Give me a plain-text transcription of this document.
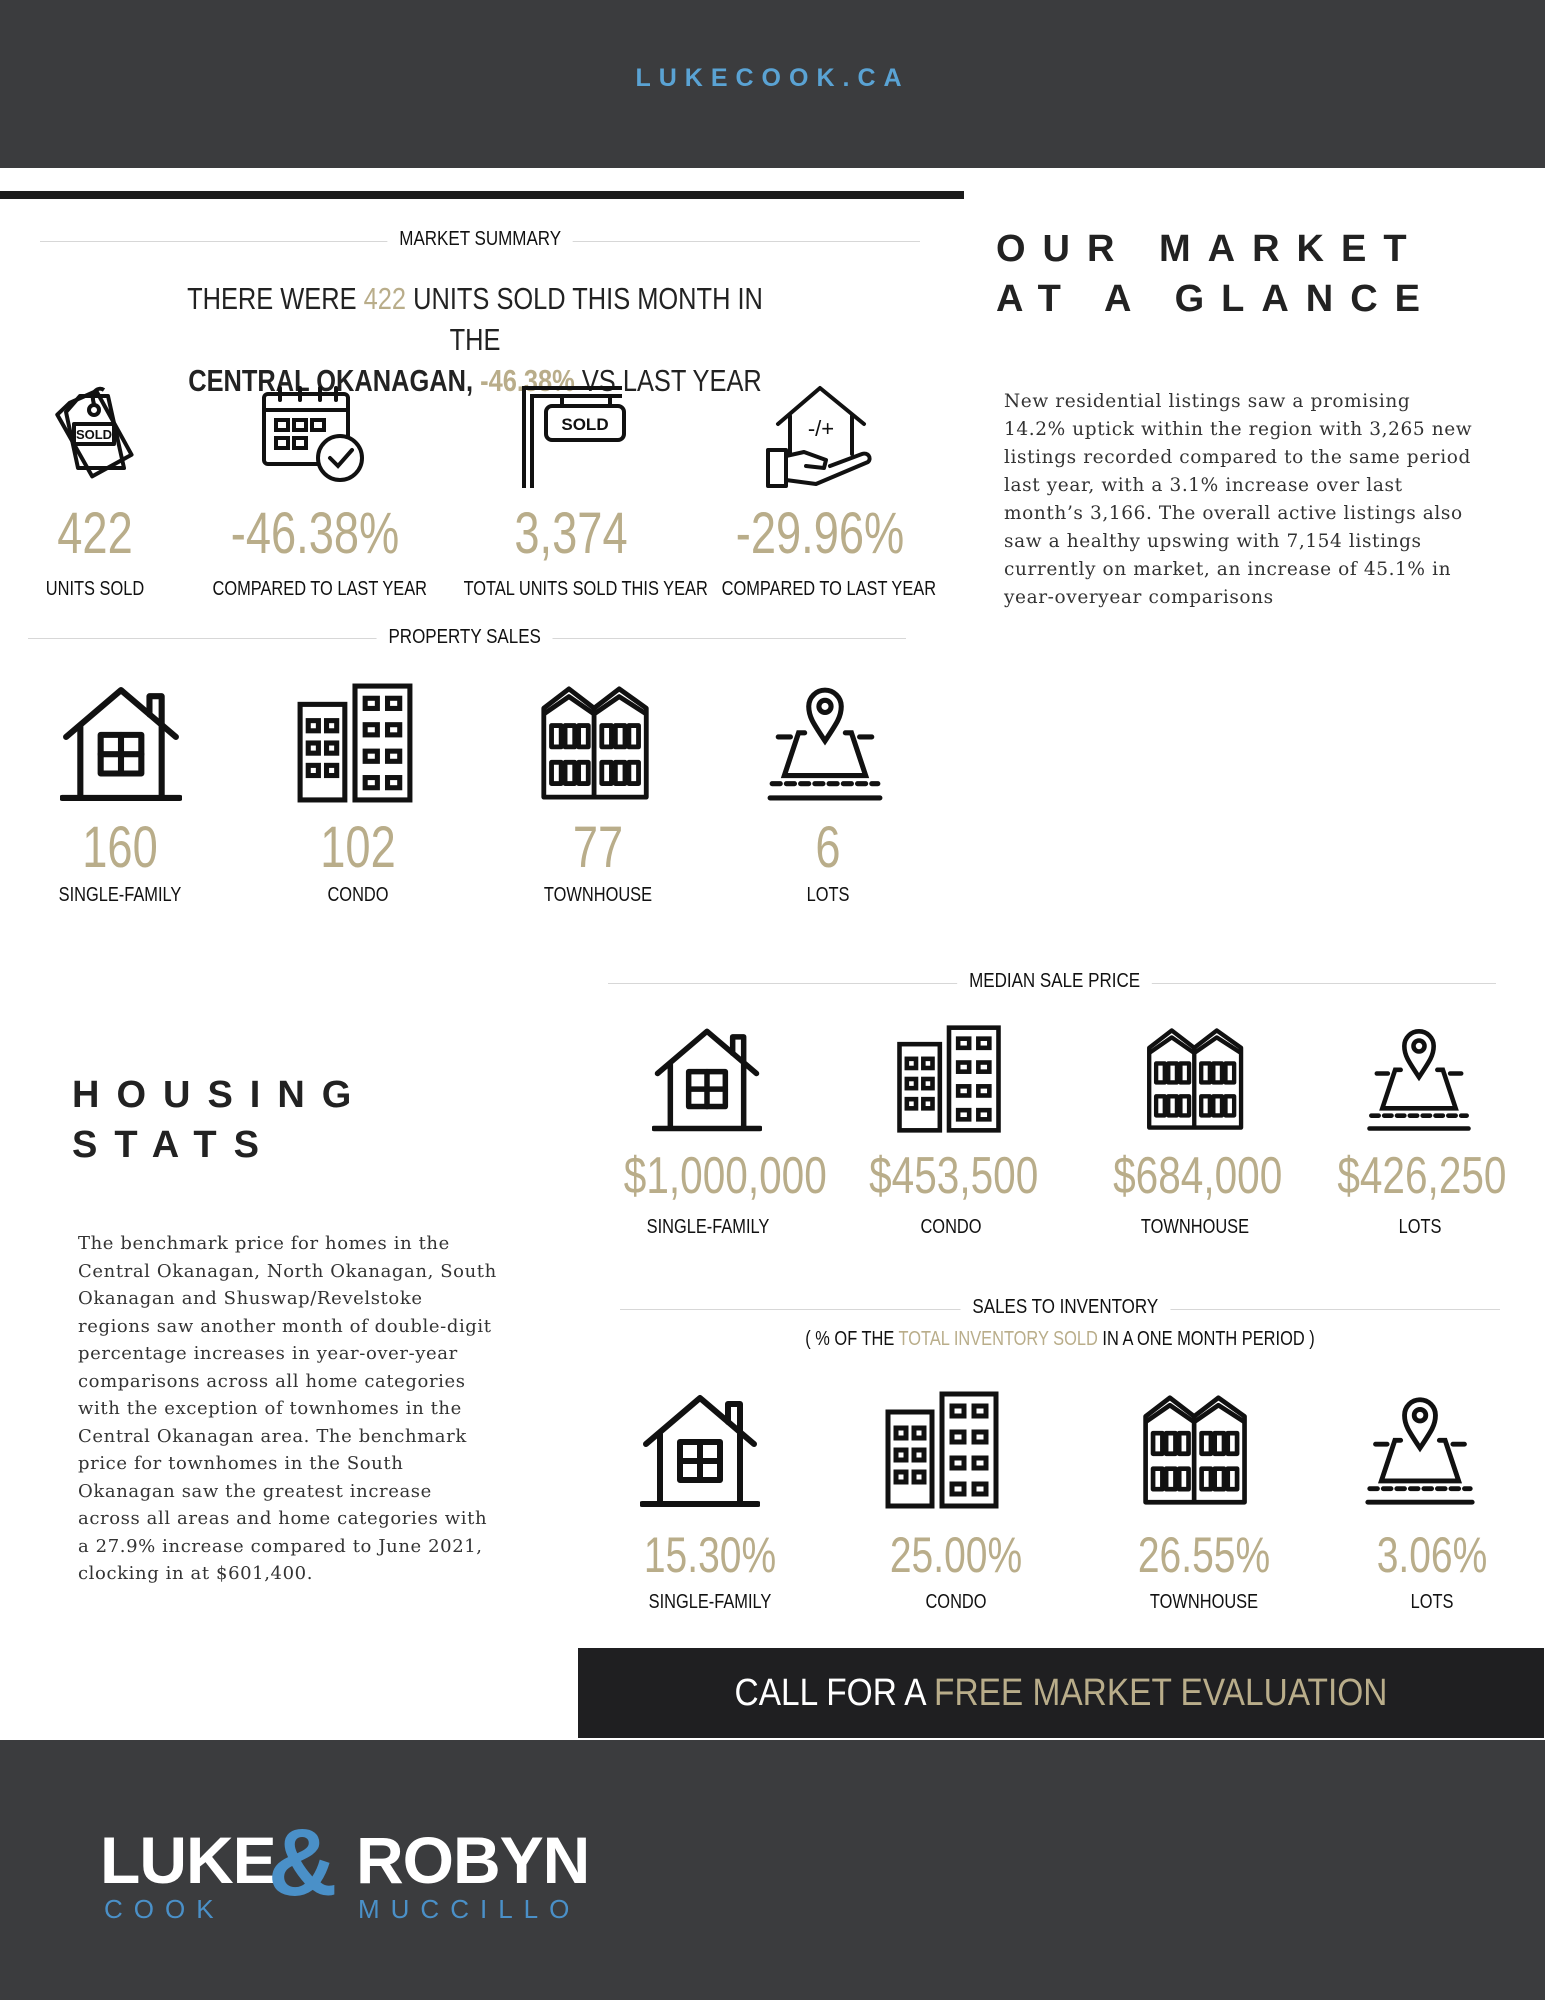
LUKECOOK.CA
MARKET SUMMARY
THERE WERE 422 UNITS SOLD THIS MONTH IN THE
CENTRAL OKANAGAN, -46.38% VS LAST YEAR
SOLD
SOLD	-/+
422
UNITS SOLD
-46.38%
COMPARED TO LAST YEAR
3,374
TOTAL UNITS SOLD THIS YEAR
-29.96%
COMPARED TO LAST YEAR
PROPERTY SALES
160
SINGLE-FAMILY
102
CONDO
77
TOWNHOUSE
6
LOTS
OUR MARKET
AT A GLANCE
New residential listings saw a promising 14.2% uptick within the region with 3,265 new listings recorded compared to the same period last year, with a 3.1% increase over last month’s 3,166. The overall active listings also saw a healthy upswing with 7,154 listings currently on market, an increase of 45.1% in year-overyear comparisons
HOUSING
STATS
The benchmark price for homes in the Central Okanagan, North Okanagan, South Okanagan and Shuswap/Revelstoke regions saw another month of double-digit percentage increases in year-over-year comparisons across all home categories with the exception of townhomes in the Central Okanagan area. The benchmark price for townhomes in the South Okanagan saw the greatest increase across all areas and home categories with a 27.9% increase compared to June 2021, clocking in at $601,400.
MEDIAN SALE PRICE
$1,000,000
SINGLE-FAMILY
$453,500
CONDO
$684,000
TOWNHOUSE
$426,250
LOTS
SALES TO INVENTORY
( % OF THE TOTAL INVENTORY SOLD IN A ONE MONTH PERIOD )
15.30%
SINGLE-FAMILY
25.00%
CONDO
26.55%
TOWNHOUSE
3.06%
LOTS
CALL FOR A FREE MARKET EVALUATION
LUKE
& ROBYN
COOK	MUCCILLO
